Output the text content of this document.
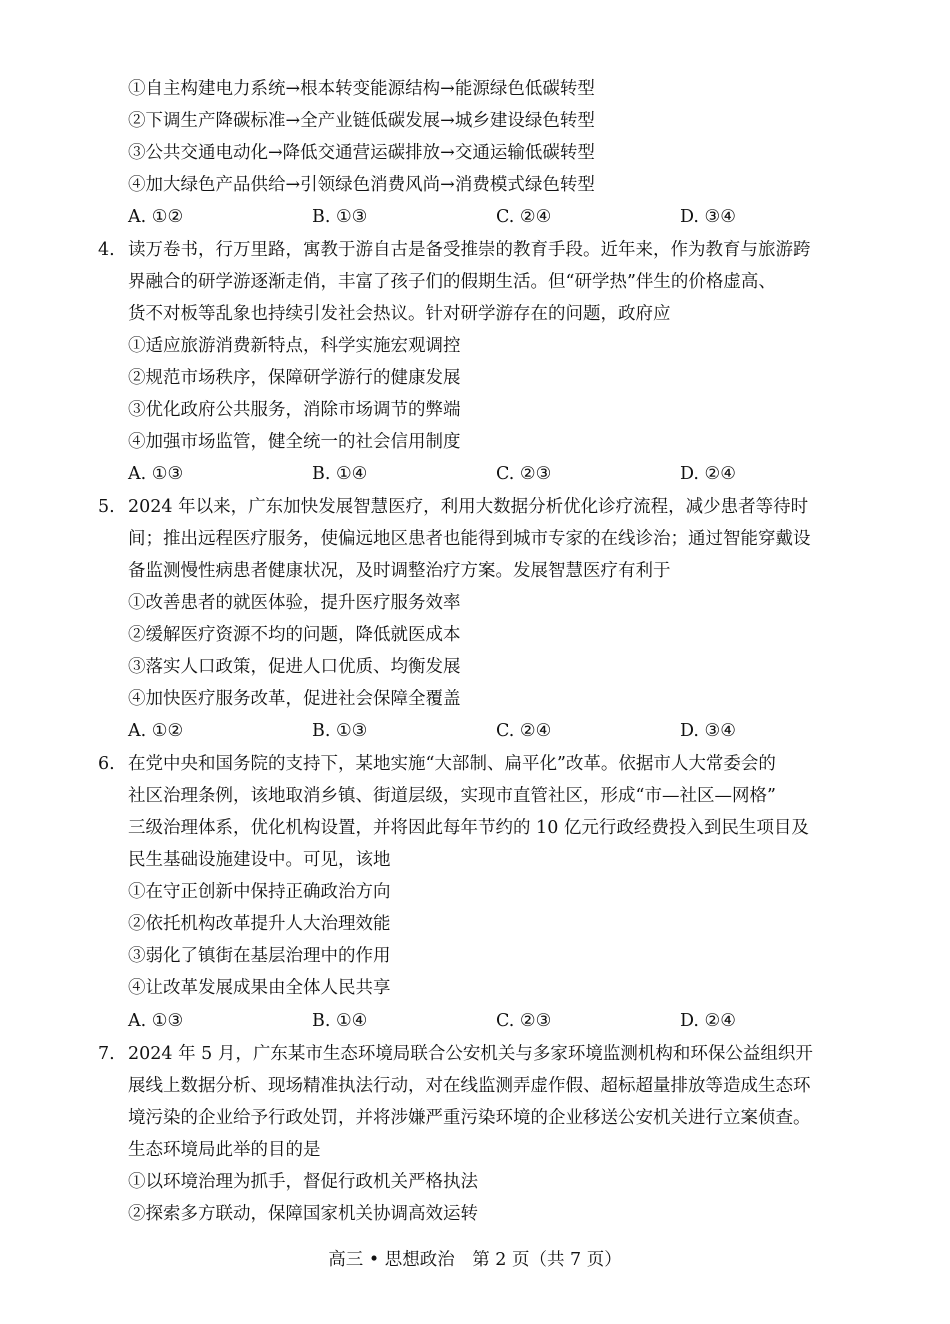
①自主构建电力系统→根本转变能源结构→能源绿色低碳转型
②下调生产降碳标准→全产业链低碳发展→城乡建设绿色转型
③公共交通电动化→降低交通营运碳排放→交通运输低碳转型
④加大绿色产品供给→引领绿色消费风尚→消费模式绿色转型
A. ①②	B. ①③	C. ②④	D. ③④
4. 读万卷书，行万里路，寓教于游自古是备受推崇的教育手段。近年来，作为教育与旅游跨
界融合的研学游逐渐走俏，丰富了孩子们的假期生活。但“研学热”伴生的价格虚高、
货不对板等乱象也持续引发社会热议。针对研学游存在的问题，政府应
①适应旅游消费新特点，科学实施宏观调控
②规范市场秩序，保障研学游行的健康发展
③优化政府公共服务，消除市场调节的弊端
④加强市场监管，健全统一的社会信用制度
A. ①③	B. ①④	C. ②③	D. ②④
5. 2024 年以来，广东加快发展智慧医疗，利用大数据分析优化诊疗流程，减少患者等待时
间；推出远程医疗服务，使偏远地区患者也能得到城市专家的在线诊治；通过智能穿戴设
备监测慢性病患者健康状况，及时调整治疗方案。发展智慧医疗有利于
①改善患者的就医体验，提升医疗服务效率
②缓解医疗资源不均的问题，降低就医成本
③落实人口政策，促进人口优质、均衡发展
④加快医疗服务改革，促进社会保障全覆盖
A. ①②	B. ①③	C. ②④	D. ③④
6. 在党中央和国务院的支持下，某地实施“大部制、扁平化”改革。依据市人大常委会的
社区治理条例，该地取消乡镇、街道层级，实现市直管社区，形成“市—社区—网格”
三级治理体系，优化机构设置，并将因此每年节约的 10 亿元行政经费投入到民生项目及
民生基础设施建设中。可见，该地
①在守正创新中保持正确政治方向
②依托机构改革提升人大治理效能
③弱化了镇街在基层治理中的作用
④让改革发展成果由全体人民共享
A. ①③	B. ①④	C. ②③	D. ②④
7. 2024 年 5 月，广东某市生态环境局联合公安机关与多家环境监测机构和环保公益组织开
展线上数据分析、现场精准执法行动，对在线监测弄虚作假、超标超量排放等造成生态环
境污染的企业给予行政处罚，并将涉嫌严重污染环境的企业移送公安机关进行立案侦查。
生态环境局此举的目的是
①以环境治理为抓手，督促行政机关严格执法
②探索多方联动，保障国家机关协调高效运转
高三 • 思想政治　第 2 页（共 7 页）
